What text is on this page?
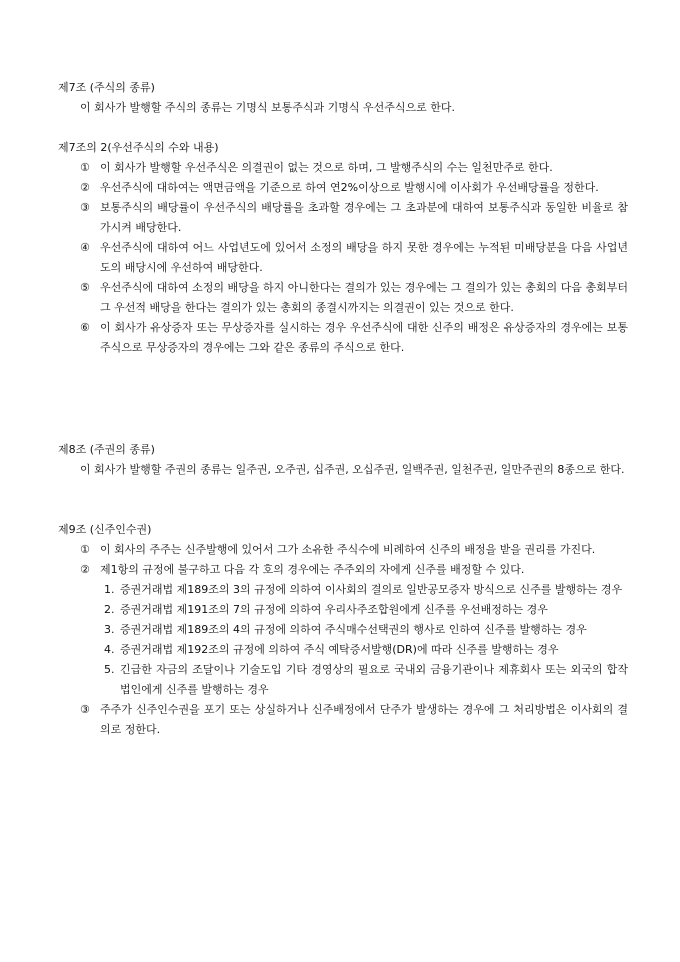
제7조 (주식의 종류)
이 회사가 발행할 주식의 종류는 기명식 보통주식과 기명식 우선주식으로 한다.
제7조의 2(우선주식의 수와 내용)
① 이 회사가 발행할 우선주식은 의결권이 없는 것으로 하며, 그 발행주식의 수는 일천만주로 한다.
② 우선주식에 대하여는 액면금액을 기준으로 하여 연2%이상으로 발행시에 이사회가 우선배당률을 정한다.
③ 보통주식의 배당률이 우선주식의 배당률을 초과할 경우에는 그 초과분에 대하여 보통주식과 동일한 비율로 참가시켜 배당한다.
④ 우선주식에 대하여 어느 사업년도에 있어서 소정의 배당을 하지 못한 경우에는 누적된 미배당분을 다음 사업년도의 배당시에 우선하여 배당한다.
⑤ 우선주식에 대하여 소정의 배당을 하지 아니한다는 결의가 있는 경우에는 그 결의가 있는 총회의 다음 총회부터 그 우선적 배당을 한다는 결의가 있는 총회의 종결시까지는 의결권이 있는 것으로 한다.
⑥ 이 회사가 유상증자 또는 무상증자를 실시하는 경우 우선주식에 대한 신주의 배정은 유상증자의 경우에는 보통주식으로 무상증자의 경우에는 그와 같은 종류의 주식으로 한다.
제8조 (주권의 종류)
이 회사가 발행할 주권의 종류는 일주권, 오주권, 십주권, 오십주권, 일백주권, 일천주권, 일만주권의 8종으로 한다.
제9조 (신주인수권)
① 이 회사의 주주는 신주발행에 있어서 그가 소유한 주식수에 비례하여 신주의 배정을 받을 권리를 가진다.
② 제1항의 규정에 불구하고 다음 각 호의 경우에는 주주외의 자에게 신주를 배정할 수 있다.
1. 증권거래법 제189조의 3의 규정에 의하여 이사회의 결의로 일반공모증자 방식으로 신주를 발행하는 경우
2. 증권거래법 제191조의 7의 규정에 의하여 우리사주조합원에게 신주를 우선배정하는 경우
3. 증권거래법 제189조의 4의 규정에 의하여 주식매수선택권의 행사로 인하여 신주를 발행하는 경우
4. 증권거래법 제192조의 규정에 의하여 주식 예탁증서발행(DR)에 따라 신주를 발행하는 경우
5. 긴급한 자금의 조달이나 기술도입 기타 경영상의 필요로 국내외 금융기관이나 제휴회사 또는 외국의 합작 법인에게 신주를 발행하는 경우
③ 주주가 신주인수권을 포기 또는 상실하거나 신주배정에서 단주가 발생하는 경우에 그 처리방법은 이사회의 결의로 정한다.
